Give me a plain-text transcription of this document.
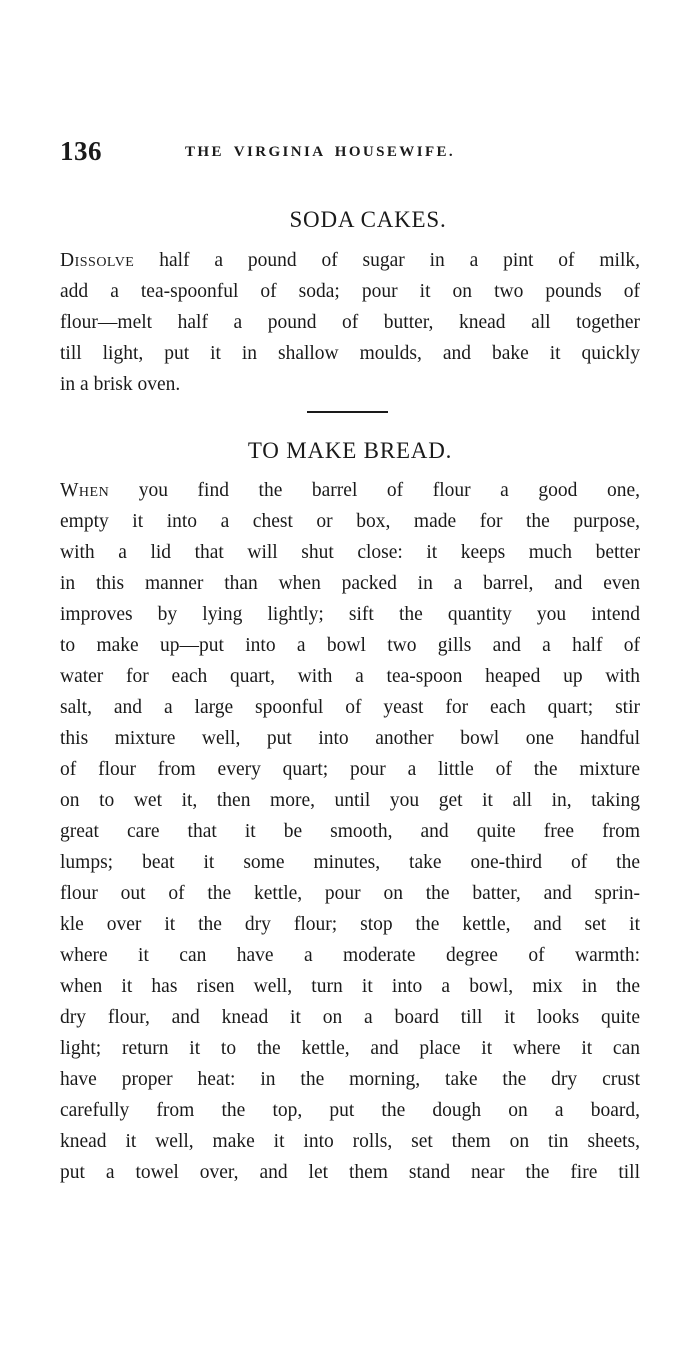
136	THE VIRGINIA HOUSEWIFE.
SODA CAKES.
Dissolve half a pound of sugar in a pint of milk,
add a tea-spoonful of soda; pour it on two pounds of
flour—melt half a pound of butter, knead all together
till light, put it in shallow moulds, and bake it quickly
in a brisk oven.
TO MAKE BREAD.
When you find the barrel of flour a good one,
empty it into a chest or box, made for the purpose,
with a lid that will shut close: it keeps much better
in this manner than when packed in a barrel, and even
improves by lying lightly; sift the quantity you intend
to make up—put into a bowl two gills and a half of
water for each quart, with a tea-spoon heaped up with
salt, and a large spoonful of yeast for each quart; stir
this mixture well, put into another bowl one handful
of flour from every quart; pour a little of the mixture
on to wet it, then more, until you get it all in, taking
great care that it be smooth, and quite free from
lumps; beat it some minutes, take one-third of the
flour out of the kettle, pour on the batter, and sprin-
kle over it the dry flour; stop the kettle, and set it
where it can have a moderate degree of warmth:
when it has risen well, turn it into a bowl, mix in the
dry flour, and knead it on a board till it looks quite
light; return it to the kettle, and place it where it can
have proper heat: in the morning, take the dry crust
carefully from the top, put the dough on a board,
knead it well, make it into rolls, set them on tin sheets,
put a towel over, and let them stand near the fire till
